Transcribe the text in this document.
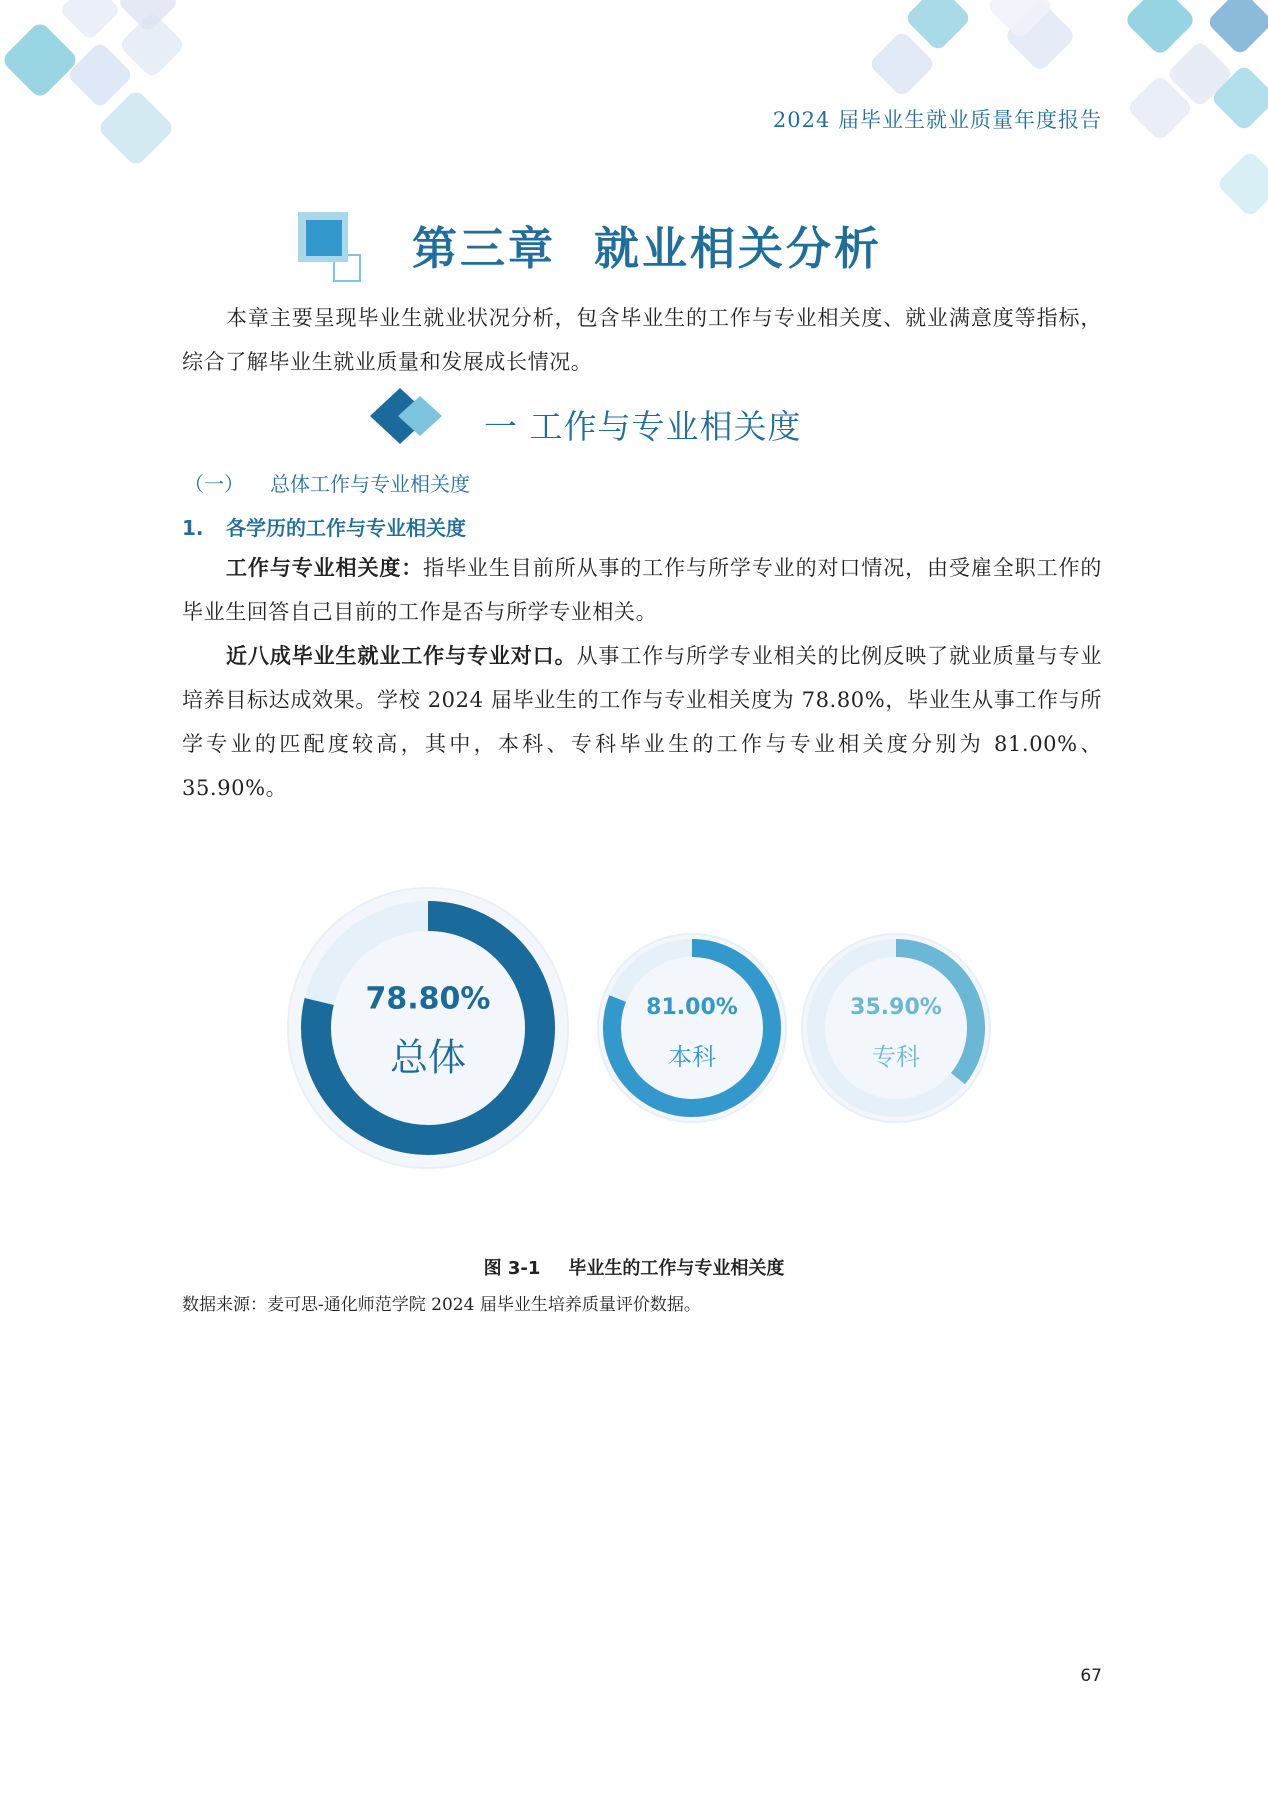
2024 届毕业生就业质量年度报告
第三章 就业相关分析
本章主要呈现毕业生就业状况分析，包含毕业生的工作与专业相关度、就业满意度等指标，综合了解毕业生就业质量和发展成长情况。
一 工作与专业相关度
（一） 总体工作与专业相关度
1. 各学历的工作与专业相关度
工作与专业相关度：指毕业生目前所从事的工作与所学专业的对口情况，由受雇全职工作的毕业生回答自己目前的工作是否与所学专业相关。
近八成毕业生就业工作与专业对口。从事工作与所学专业相关的比例反映了就业质量与专业培养目标达成效果。学校 2024 届毕业生的工作与专业相关度为 78.80%，毕业生从事工作与所学专业的匹配度较高，其中，本科、专科毕业生的工作与专业相关度分别为 81.00%、35.90%。
78.80%
总体
81.00%
本科
35.90%
专科
图 3-1 毕业生的工作与专业相关度
数据来源：麦可思-通化师范学院 2024 届毕业生培养质量评价数据。
67
